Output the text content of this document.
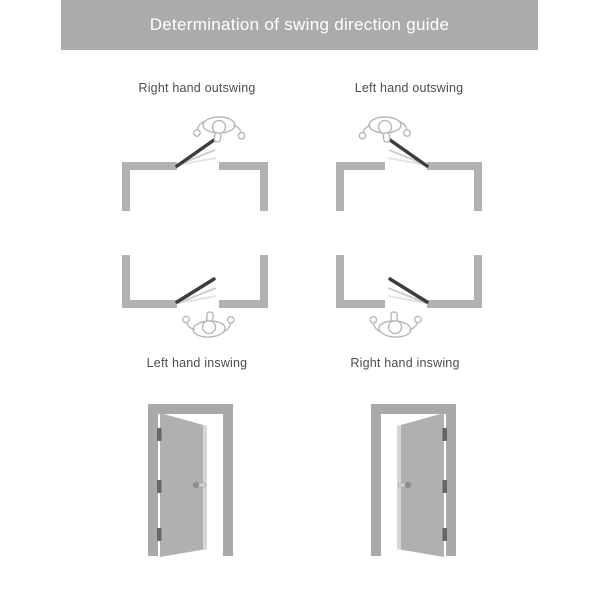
Determination of swing direction guide
Right hand outswing	Left hand outswing
Left hand inswing	Right hand inswing
